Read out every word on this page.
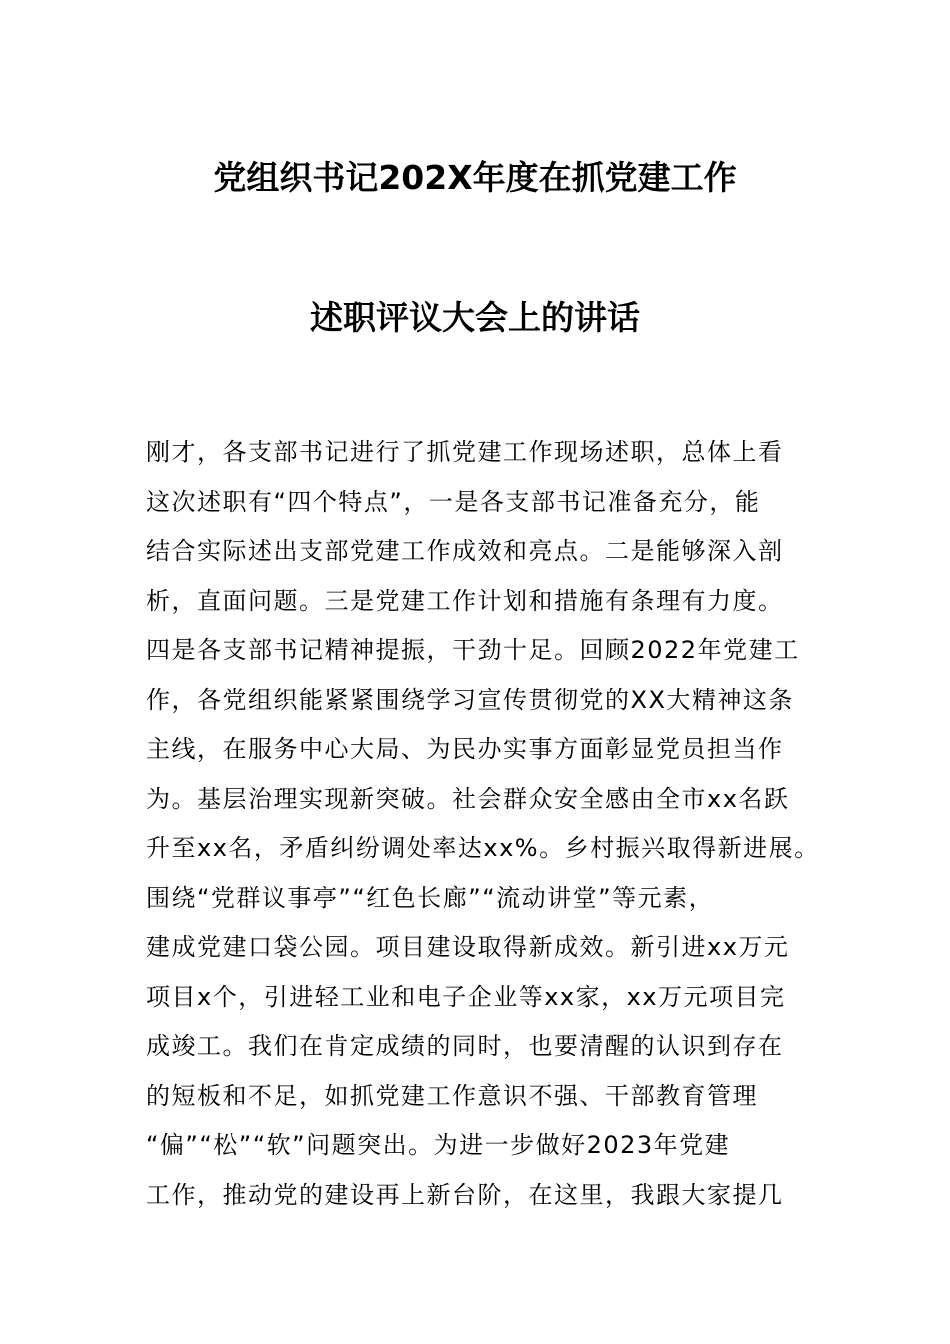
党组织书记202X年度在抓党建工作
述职评议大会上的讲话
刚才，各支部书记进行了抓党建工作现场述职，总体上看
这次述职有“四个特点”，一是各支部书记准备充分，能
结合实际述出支部党建工作成效和亮点。二是能够深入剖
析，直面问题。三是党建工作计划和措施有条理有力度。
四是各支部书记精神提振，干劲十足。回顾2022年党建工
作，各党组织能紧紧围绕学习宣传贯彻党的XX大精神这条
主线，在服务中心大局、为民办实事方面彰显党员担当作
为。基层治理实现新突破。社会群众安全感由全市xx名跃
升至xx名，矛盾纠纷调处率达xx%。乡村振兴取得新进展。
围绕“党群议事亭”“红色长廊”“流动讲堂”等元素，
建成党建口袋公园。项目建设取得新成效。新引进xx万元
项目x个，引进轻工业和电子企业等xx家，xx万元项目完
成竣工。我们在肯定成绩的同时，也要清醒的认识到存在
的短板和不足，如抓党建工作意识不强、干部教育管理
“偏”“松”“软”问题突出。为进一步做好2023年党建
工作，推动党的建设再上新台阶，在这里，我跟大家提几
